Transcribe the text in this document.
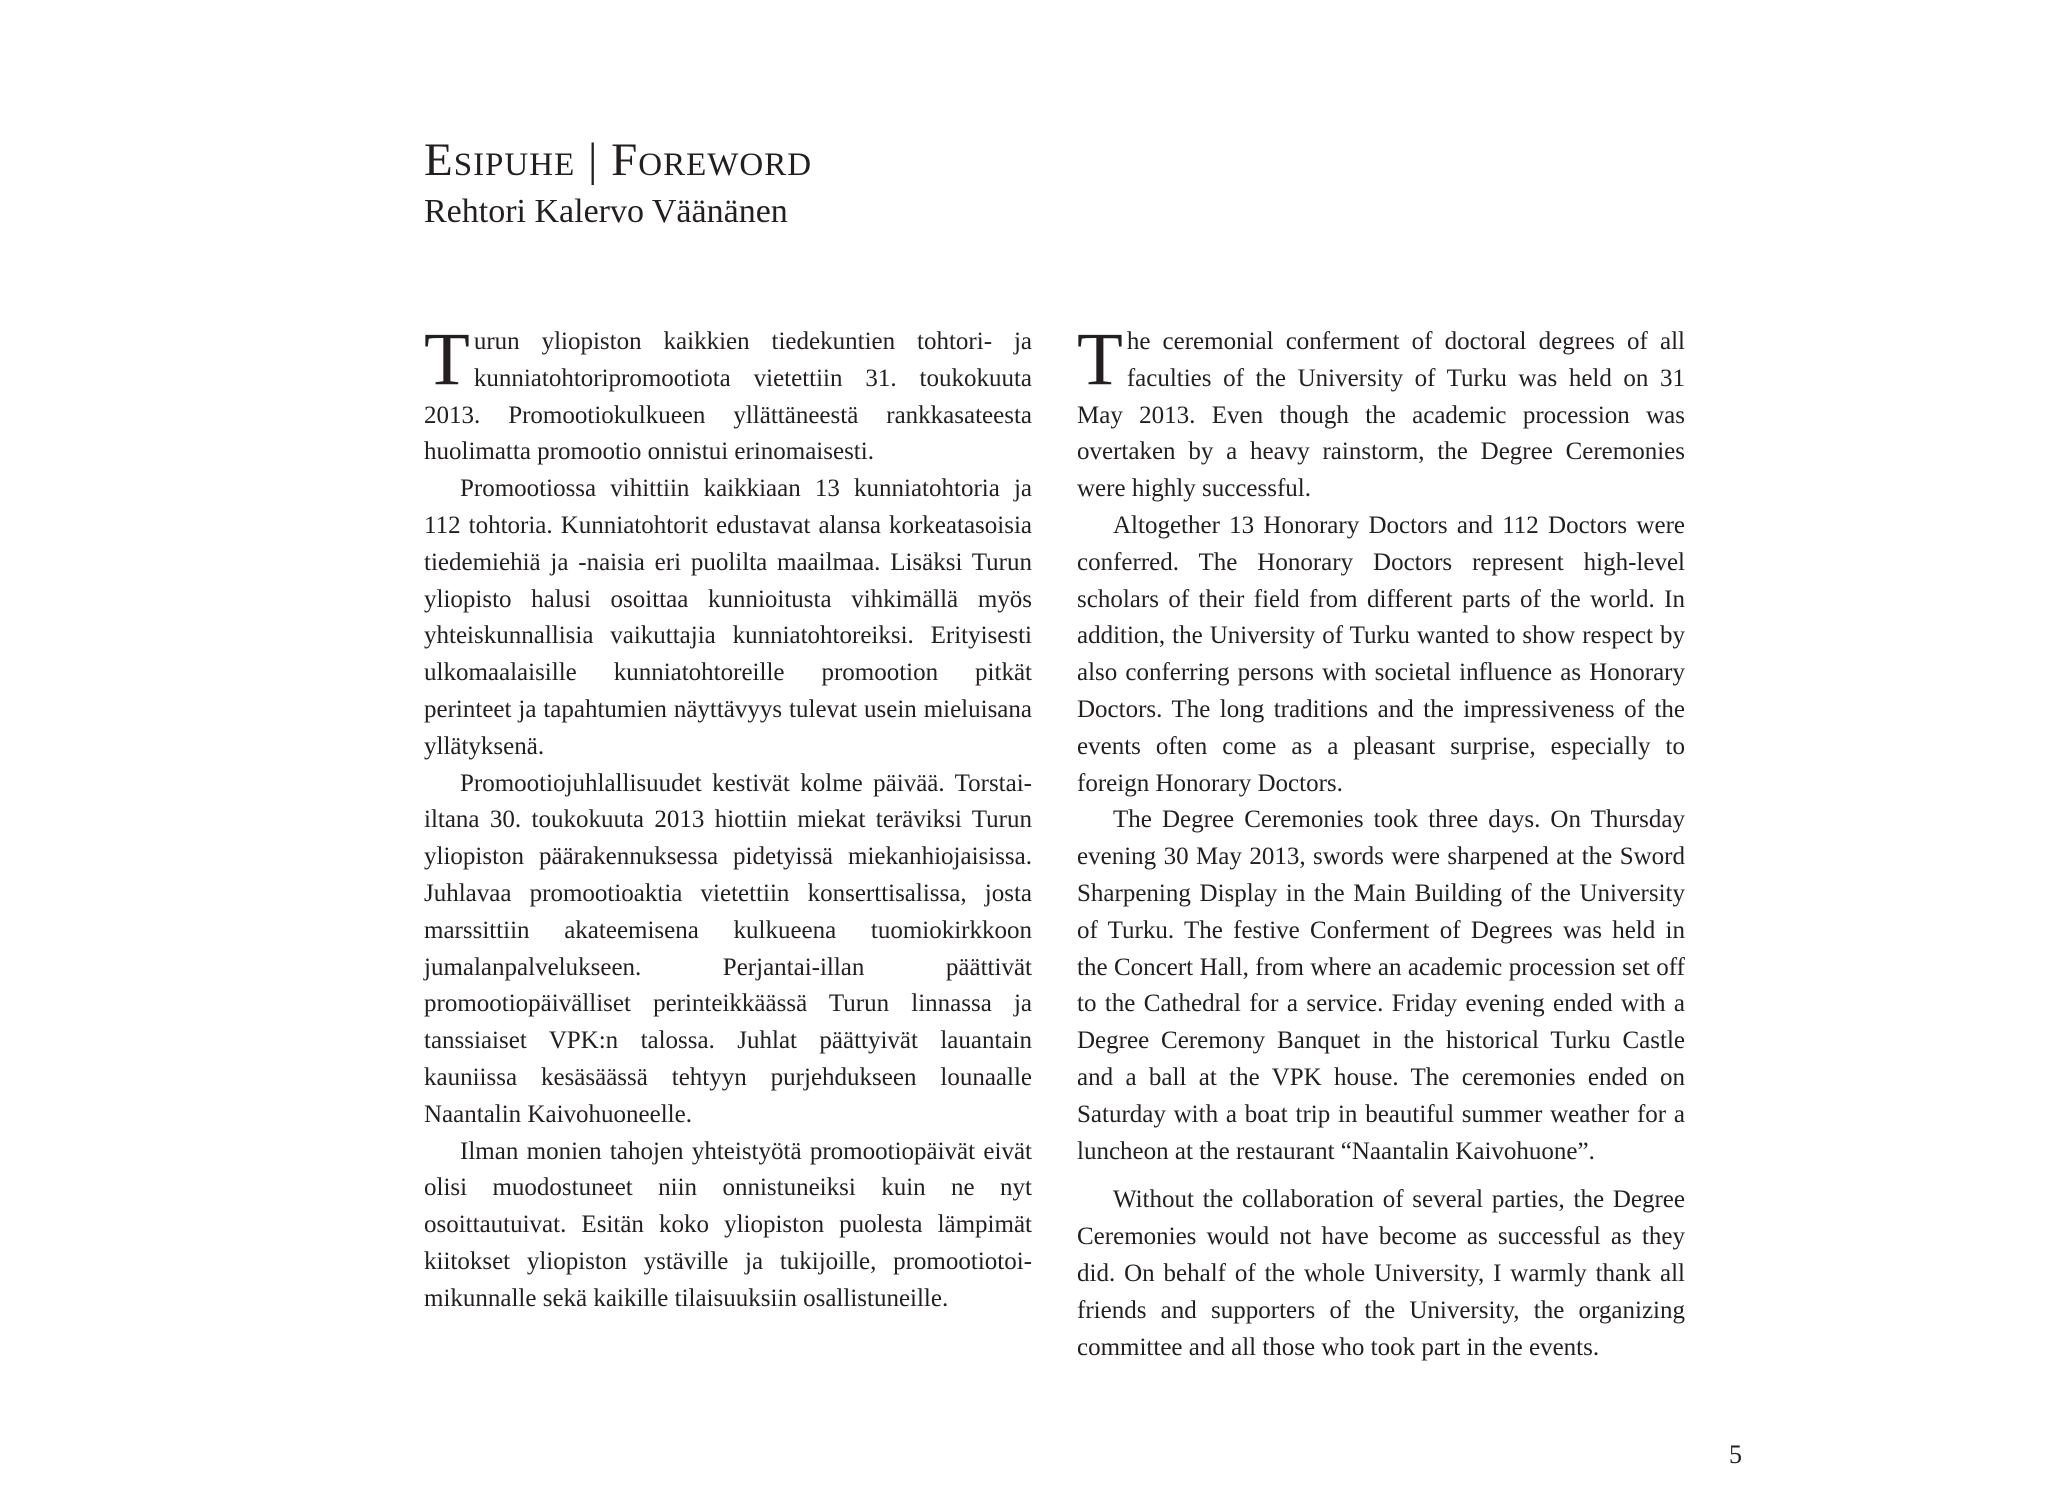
Esipuhe | Foreword
Rehtori Kalervo Väänänen

Turun yliopiston kaikkien tiedekuntien tohtori- ja kunniatohtoripromootiota vietettiin 31. toukokuuta 2013. Promootiokulkueen yllättäneestä rankkasateesta huolimatta promootio onnistui erinomaisesti.

Promootiossa vihittiin kaikkiaan 13 kunniatohtoria ja 112 tohtoria. Kunniatohtorit edustavat alansa korkeatasoisia tiedemiehiä ja -naisia eri puolilta maailmaa. Lisäksi Turun yliopisto halusi osoittaa kunnioitusta vihkimällä myös yhteiskunnallisia vaikuttajia kunniatohtoreiksi. Erityisesti ulkomaalaisille kunniatohtoreille promootion pitkät perinteet ja tapahtumien näyttävyys tulevat usein mieluisana yllätyksenä.

Promootiojuhlallisuudet kestivät kolme päivää. Torstai-iltana 30. toukokuuta 2013 hiottiin miekat teräviksi Turun yliopiston päärakennuksessa pidetyissä miekanhiojaisissa. Juhlavaa promootioaktia vietettiin konserttisalissa, josta marssittiin akateemisena kulkueena tuomiokirkkoon jumalanpalvelukseen. Perjantai-illan päättivät promootiopäivälliset perinteikkäässä Turun linnassa ja tanssiaiset VPK:n talossa. Juhlat päättyivät lauantain kauniissa kesäsäässä tehtyyn purjehdukseen lounaalle Naantalin Kaivohuoneelle.

Ilman monien tahojen yhteistyötä promootiopäivät eivät olisi muodostuneet niin onnistuneiksi kuin ne nyt osoittautuivat. Esitän koko yliopiston puolesta lämpimät kiitokset yliopiston ystäville ja tukijoille, promootiotoimikunnalle sekä kaikille tilaisuuksiin osallistuneille.

The ceremonial conferment of doctoral degrees of all faculties of the University of Turku was held on 31 May 2013. Even though the academic procession was overtaken by a heavy rainstorm, the Degree Ceremonies were highly successful.

Altogether 13 Honorary Doctors and 112 Doctors were conferred. The Honorary Doctors represent high-level scholars of their field from different parts of the world. In addition, the University of Turku wanted to show respect by also conferring persons with societal influence as Honorary Doctors. The long traditions and the impressiveness of the events often come as a pleasant surprise, especially to foreign Honorary Doctors.

The Degree Ceremonies took three days. On Thursday evening 30 May 2013, swords were sharpened at the Sword Sharpening Display in the Main Building of the University of Turku. The festive Conferment of Degrees was held in the Concert Hall, from where an academic procession set off to the Cathedral for a service. Friday evening ended with a Degree Ceremony Banquet in the historical Turku Castle and a ball at the VPK house. The ceremonies ended on Saturday with a boat trip in beautiful summer weather for a luncheon at the restaurant “Naantalin Kaivohuone”.

Without the collaboration of several parties, the Degree Ceremonies would not have become as successful as they did. On behalf of the whole University, I warmly thank all friends and supporters of the University, the organizing committee and all those who took part in the events.

5
